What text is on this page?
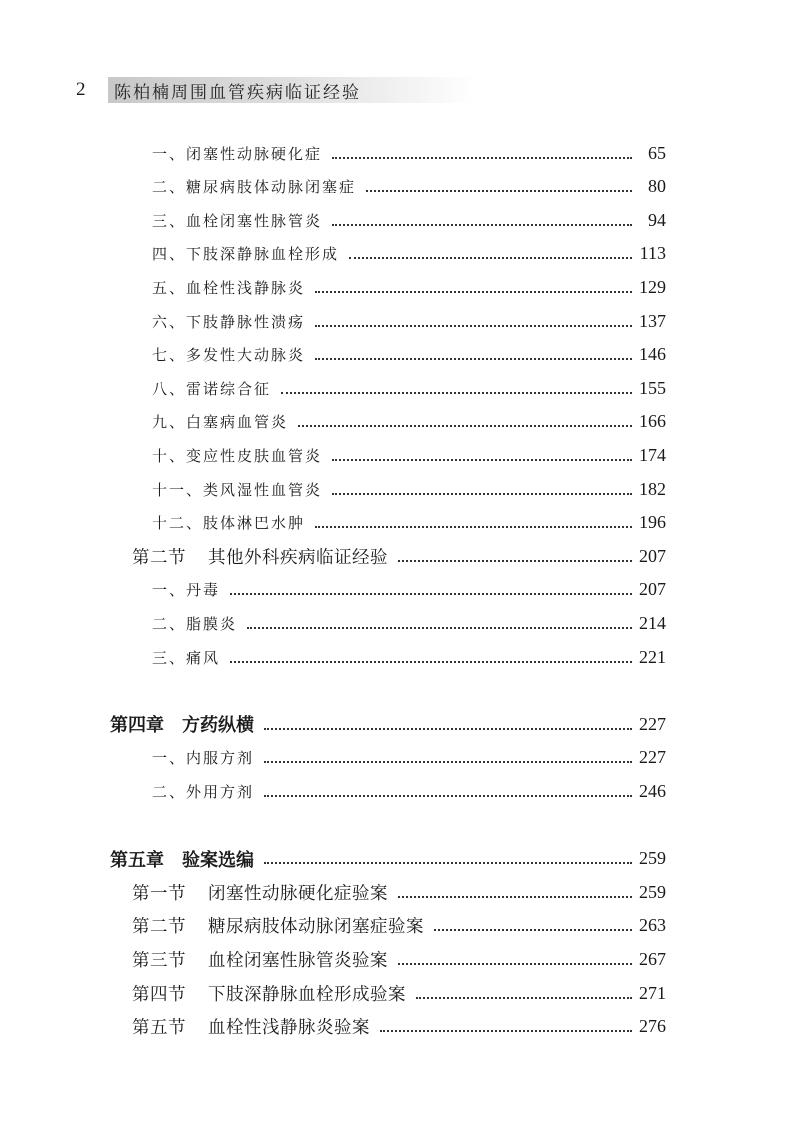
2	陈柏楠周围血管疾病临证经验
一、闭塞性动脉硬化症	65
二、糖尿病肢体动脉闭塞症	80
三、血栓闭塞性脉管炎	94
四、下肢深静脉血栓形成	113
五、血栓性浅静脉炎	129
六、下肢静脉性溃疡	137
七、多发性大动脉炎	146
八、雷诺综合征	155
九、白塞病血管炎	166
十、变应性皮肤血管炎	174
十一、类风湿性血管炎	182
十二、肢体淋巴水肿	196
第二节 其他外科疾病临证经验	207
一、丹毒	207
二、脂膜炎	214
三、痛风	221
第四章 方药纵横	227
一、内服方剂	227
二、外用方剂	246
第五章 验案选编	259
第一节 闭塞性动脉硬化症验案	259
第二节 糖尿病肢体动脉闭塞症验案	263
第三节 血栓闭塞性脉管炎验案	267
第四节 下肢深静脉血栓形成验案	271
第五节 血栓性浅静脉炎验案	276
